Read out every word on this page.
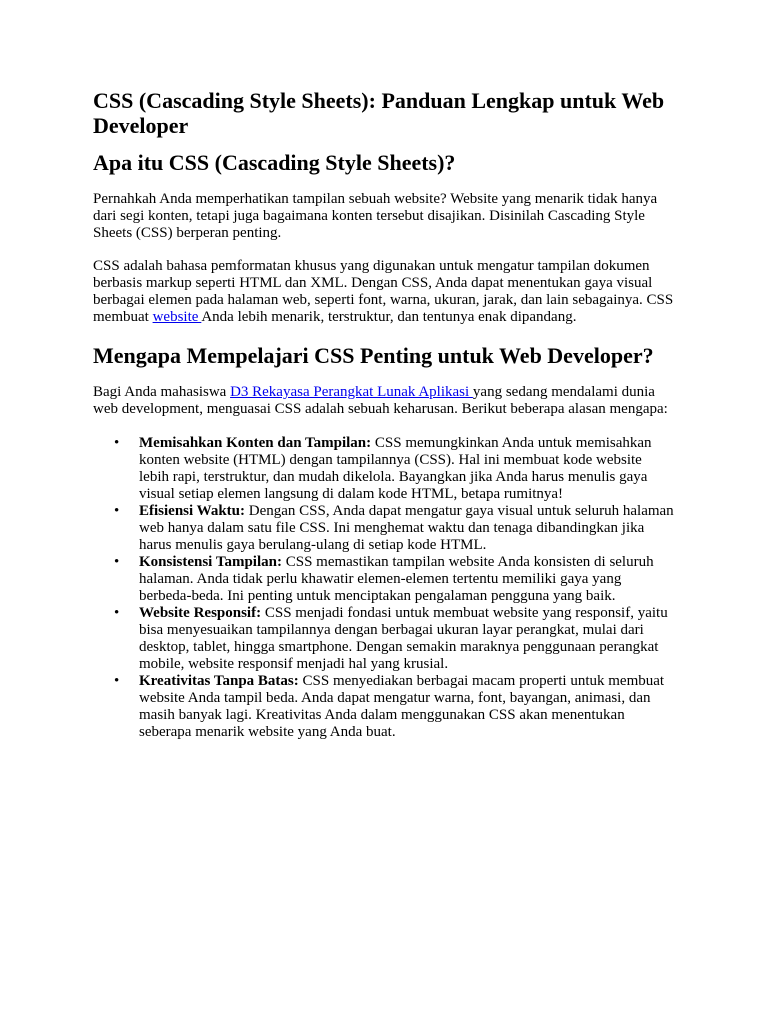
CSS (Cascading Style Sheets): Panduan Lengkap untuk Web Developer
Apa itu CSS (Cascading Style Sheets)?

Pernahkah Anda memperhatikan tampilan sebuah website? Website yang menarik tidak hanya dari segi konten, tetapi juga bagaimana konten tersebut disajikan. Disinilah Cascading Style Sheets (CSS) berperan penting.

CSS adalah bahasa pemformatan khusus yang digunakan untuk mengatur tampilan dokumen berbasis markup seperti HTML dan XML. Dengan CSS, Anda dapat menentukan gaya visual berbagai elemen pada halaman web, seperti font, warna, ukuran, jarak, dan lain sebagainya. CSS membuat website Anda lebih menarik, terstruktur, dan tentunya enak dipandang.

Mengapa Mempelajari CSS Penting untuk Web Developer?

Bagi Anda mahasiswa D3 Rekayasa Perangkat Lunak Aplikasi yang sedang mendalami dunia web development, menguasai CSS adalah sebuah keharusan. Berikut beberapa alasan mengapa:

• Memisahkan Konten dan Tampilan: CSS memungkinkan Anda untuk memisahkan konten website (HTML) dengan tampilannya (CSS). Hal ini membuat kode website lebih rapi, terstruktur, dan mudah dikelola. Bayangkan jika Anda harus menulis gaya visual setiap elemen langsung di dalam kode HTML, betapa rumitnya!
• Efisiensi Waktu: Dengan CSS, Anda dapat mengatur gaya visual untuk seluruh halaman web hanya dalam satu file CSS. Ini menghemat waktu dan tenaga dibandingkan jika harus menulis gaya berulang-ulang di setiap kode HTML.
• Konsistensi Tampilan: CSS memastikan tampilan website Anda konsisten di seluruh halaman. Anda tidak perlu khawatir elemen-elemen tertentu memiliki gaya yang berbeda-beda. Ini penting untuk menciptakan pengalaman pengguna yang baik.
• Website Responsif: CSS menjadi fondasi untuk membuat website yang responsif, yaitu bisa menyesuaikan tampilannya dengan berbagai ukuran layar perangkat, mulai dari desktop, tablet, hingga smartphone. Dengan semakin maraknya penggunaan perangkat mobile, website responsif menjadi hal yang krusial.
• Kreativitas Tanpa Batas: CSS menyediakan berbagai macam properti untuk membuat website Anda tampil beda. Anda dapat mengatur warna, font, bayangan, animasi, dan masih banyak lagi. Kreativitas Anda dalam menggunakan CSS akan menentukan seberapa menarik website yang Anda buat.
